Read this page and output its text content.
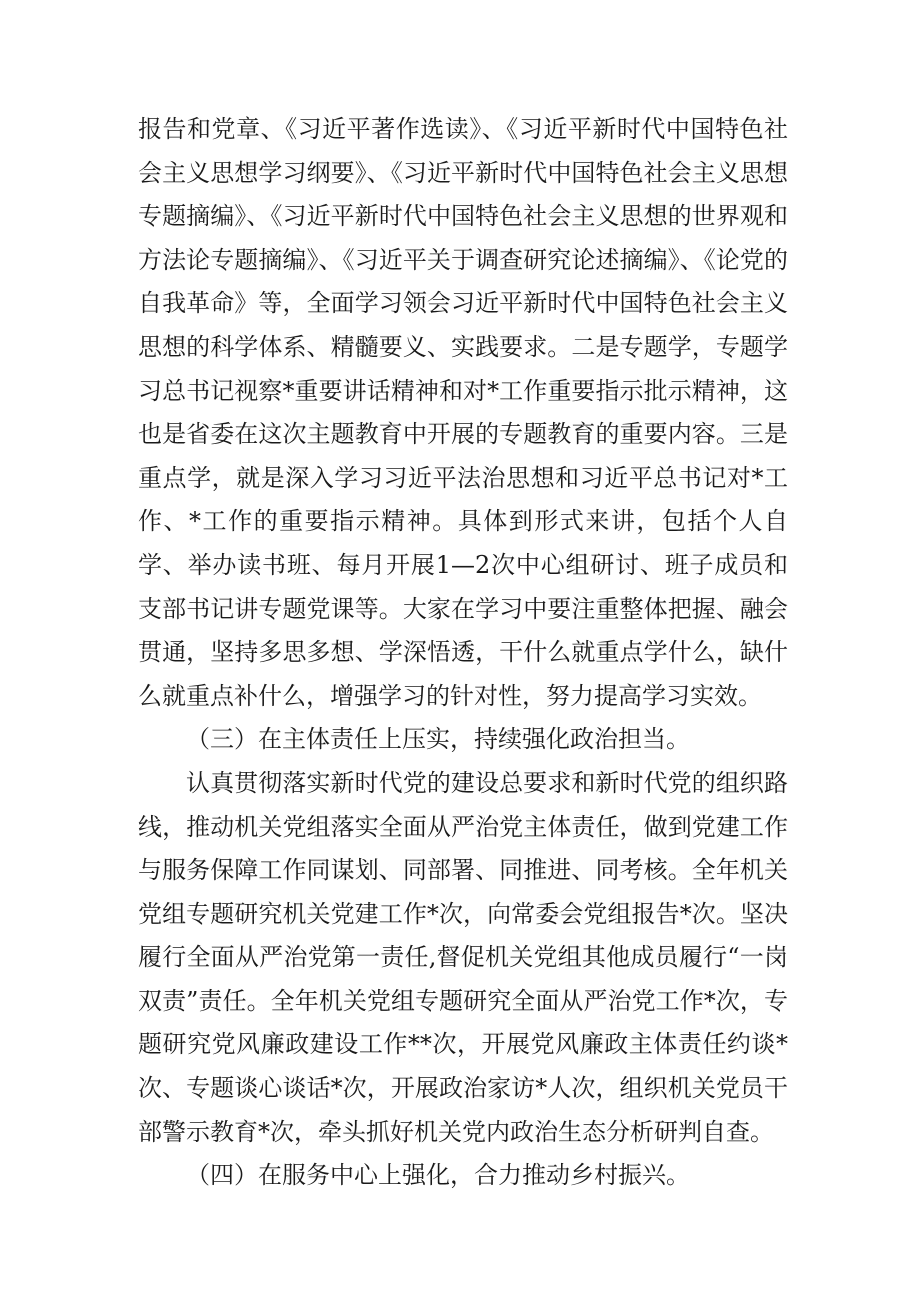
报告和党章、《习近平著作选读》、《习近平新时代中国特色社会主义思想学习纲要》、《习近平新时代中国特色社会主义思想专题摘编》、《习近平新时代中国特色社会主义思想的世界观和方法论专题摘编》、《习近平关于调查研究论述摘编》、《论党的自我革命》等，全面学习领会习近平新时代中国特色社会主义思想的科学体系、精髓要义、实践要求。二是专题学，专题学习总书记视察*重要讲话精神和对*工作重要指示批示精神，这也是省委在这次主题教育中开展的专题教育的重要内容。三是重点学，就是深入学习习近平法治思想和习近平总书记对*工作、*工作的重要指示精神。具体到形式来讲，包括个人自学、举办读书班、每月开展1—2次中心组研讨、班子成员和支部书记讲专题党课等。大家在学习中要注重整体把握、融会贯通，坚持多思多想、学深悟透，干什么就重点学什么，缺什么就重点补什么，增强学习的针对性，努力提高学习实效。

（三）在主体责任上压实，持续强化政治担当。

认真贯彻落实新时代党的建设总要求和新时代党的组织路线，推动机关党组落实全面从严治党主体责任，做到党建工作与服务保障工作同谋划、同部署、同推进、同考核。全年机关党组专题研究机关党建工作*次，向常委会党组报告*次。坚决履行全面从严治党第一责任,督促机关党组其他成员履行“一岗双责”责任。全年机关党组专题研究全面从严治党工作*次，专题研究党风廉政建设工作**次，开展党风廉政主体责任约谈*次、专题谈心谈话*次，开展政治家访*人次，组织机关党员干部警示教育*次，牵头抓好机关党内政治生态分析研判自查。

（四）在服务中心上强化，合力推动乡村振兴。
